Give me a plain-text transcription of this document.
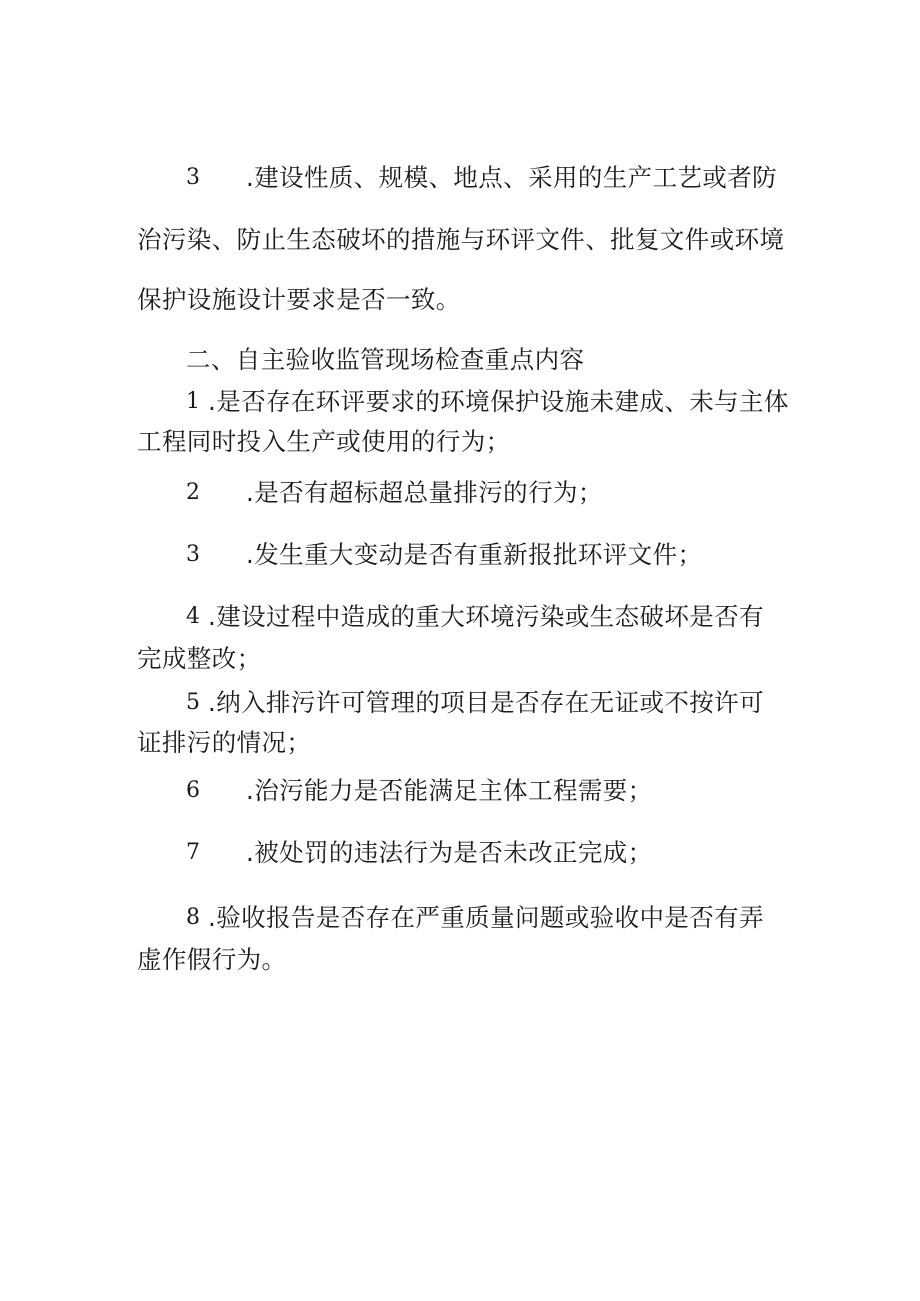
3 .建设性质、规模、地点、采用的生产工艺或者防
治污染、防止生态破坏的措施与环评文件、批复文件或环境
保护设施设计要求是否一致。
二、自主验收监管现场检查重点内容
1 .是否存在环评要求的环境保护设施未建成、未与主体
工程同时投入生产或使用的行为；
2 .是否有超标超总量排污的行为；
3 .发生重大变动是否有重新报批环评文件；
4 .建设过程中造成的重大环境污染或生态破坏是否有
完成整改；
5 .纳入排污许可管理的项目是否存在无证或不按许可
证排污的情况；
6 .治污能力是否能满足主体工程需要；
7 .被处罚的违法行为是否未改正完成；
8 .验收报告是否存在严重质量问题或验收中是否有弄
虚作假行为。
